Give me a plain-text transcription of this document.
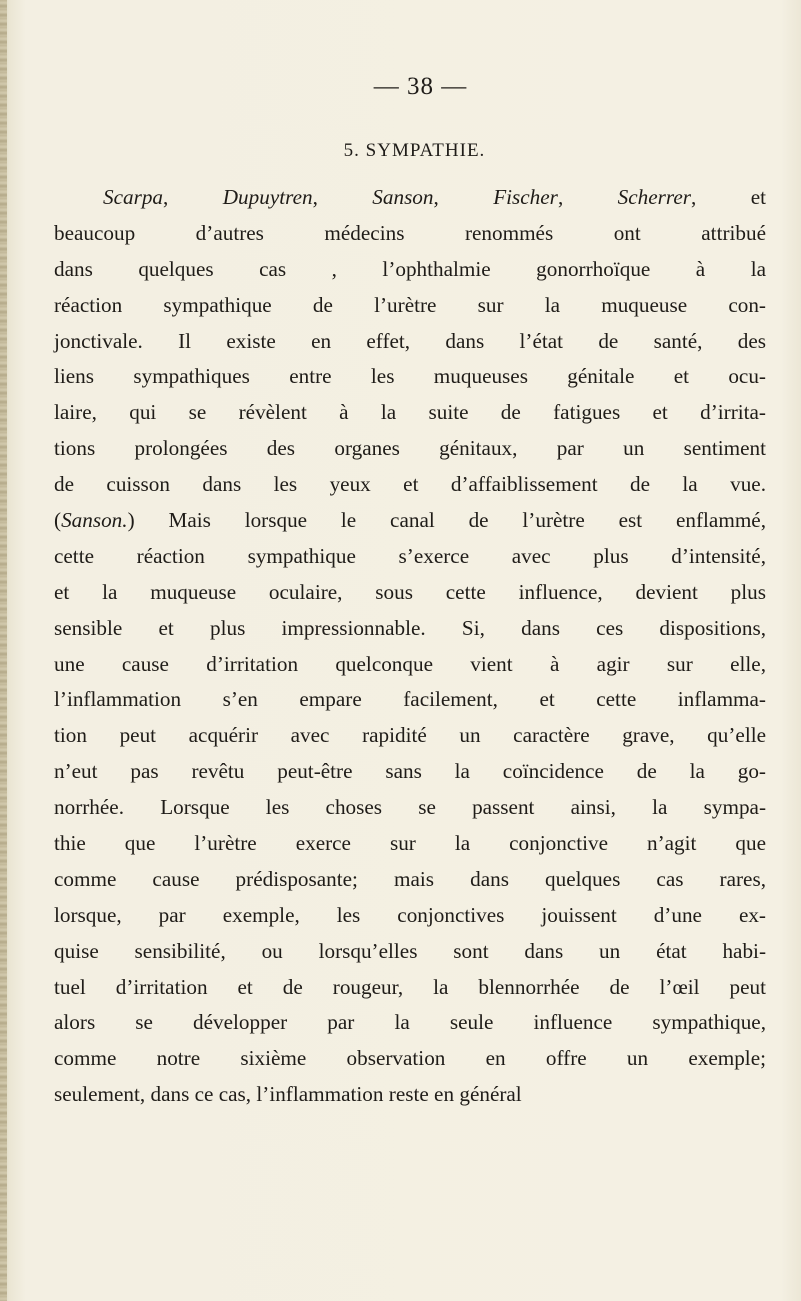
— 38 —
5. SYMPATHIE.
Scarpa, Dupuytren, Sanson, Fischer, Scherrer, et
beaucoup d’autres médecins renommés ont attribué
dans quelques cas , l’ophthalmie gonorrhoïque à la
réaction sympathique de l’urètre sur la muqueuse con-
jonctivale. Il existe en effet, dans l’état de santé, des
liens sympathiques entre les muqueuses génitale et ocu-
laire, qui se révèlent à la suite de fatigues et d’irrita-
tions prolongées des organes génitaux, par un sentiment
de cuisson dans les yeux et d’affaiblissement de la vue.
(Sanson.) Mais lorsque le canal de l’urètre est enflammé,
cette réaction sympathique s’exerce avec plus d’intensité,
et la muqueuse oculaire, sous cette influence, devient plus
sensible et plus impressionnable. Si, dans ces dispositions,
une cause d’irritation quelconque vient à agir sur elle,
l’inflammation s’en empare facilement, et cette inflamma-
tion peut acquérir avec rapidité un caractère grave, qu’elle
n’eut pas revêtu peut-être sans la coïncidence de la go-
norrhée. Lorsque les choses se passent ainsi, la sympa-
thie que l’urètre exerce sur la conjonctive n’agit que
comme cause prédisposante; mais dans quelques cas rares,
lorsque, par exemple, les conjonctives jouissent d’une ex-
quise sensibilité, ou lorsqu’elles sont dans un état habi-
tuel d’irritation et de rougeur, la blennorrhée de l’œil peut
alors se développer par la seule influence sympathique,
comme notre sixième observation en offre un exemple;
seulement, dans ce cas, l’inflammation reste en général
